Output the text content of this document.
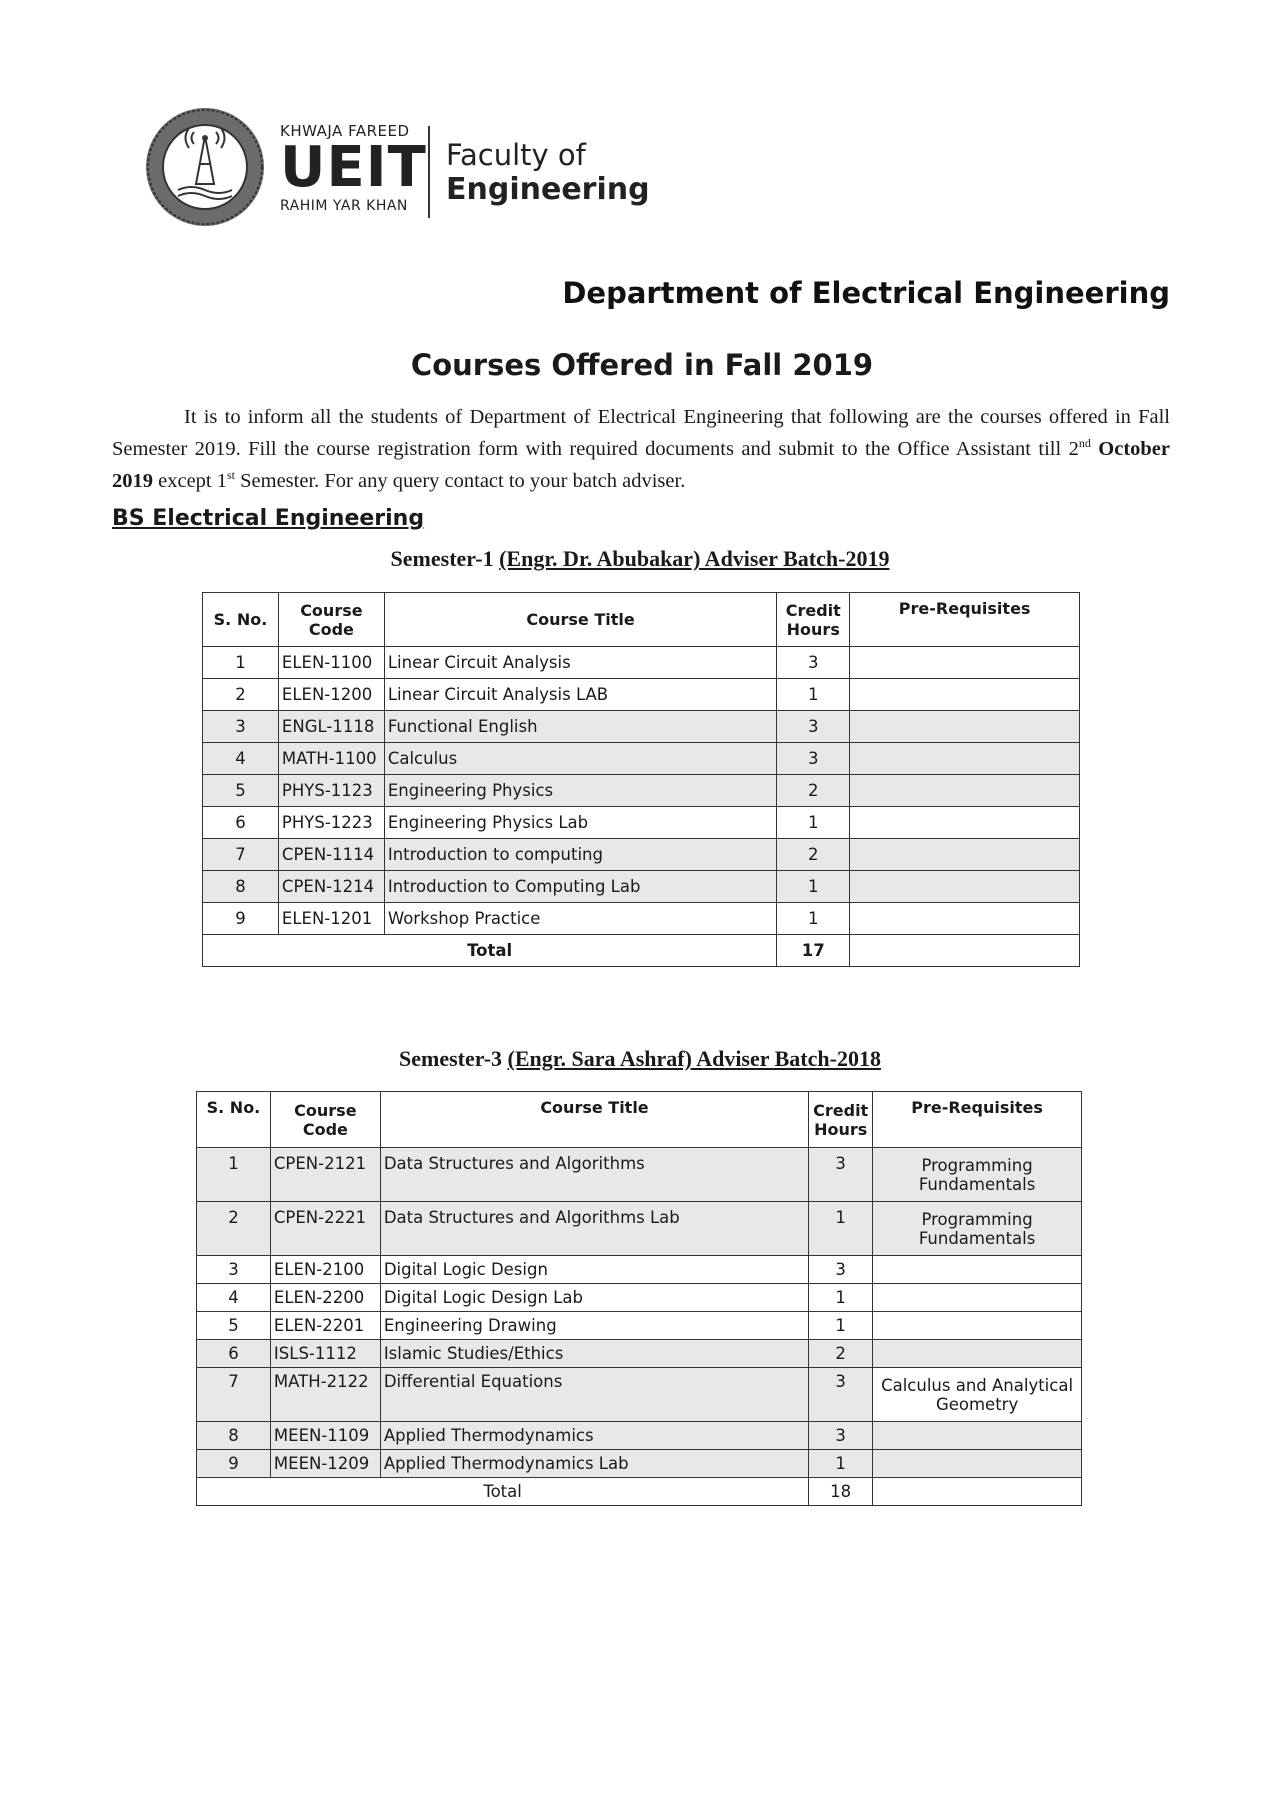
KHWAJA FAREED
UEIT
RAHIM YAR KHAN
Faculty of
Engineering
Department of Electrical Engineering
Courses Offered in Fall 2019
It is to inform all the students of Department of Electrical Engineering that following are the courses offered in Fall Semester 2019. Fill the course registration form with required documents and submit to the Office Assistant till 2nd October 2019 except 1st Semester. For any query contact to your batch adviser.
BS Electrical Engineering
Semester-1 (Engr. Dr. Abubakar) Adviser Batch-2019
S. No.	Course
Code	Course Title	Credit
Hours	Pre-Requisites
1	ELEN-1100	Linear Circuit Analysis	3	
2	ELEN-1200	Linear Circuit Analysis LAB	1	
3	ENGL-1118	Functional English	3	
4	MATH-1100	Calculus	3	
5	PHYS-1123	Engineering Physics	2	
6	PHYS-1223	Engineering Physics Lab	1	
7	CPEN-1114	Introduction to computing	2	
8	CPEN-1214	Introduction to Computing Lab	1	
9	ELEN-1201	Workshop Practice	1	
Total			17	
Semester-3 (Engr. Sara Ashraf) Adviser Batch-2018
S. No.	Course
Code	Course Title	Credit
Hours	Pre-Requisites
1	CPEN-2121	Data Structures and Algorithms	3	Programming
Fundamentals
2	CPEN-2221	Data Structures and Algorithms Lab	1	Programming
Fundamentals
3	ELEN-2100	Digital Logic Design	3	
4	ELEN-2200	Digital Logic Design Lab	1	
5	ELEN-2201	Engineering Drawing	1	
6	ISLS-1112	Islamic Studies/Ethics	2	
7	MATH-2122	Differential Equations	3	Calculus and Analytical
Geometry
8	MEEN-1109	Applied Thermodynamics	3	
9	MEEN-1209	Applied Thermodynamics Lab	1	
Total			18	
